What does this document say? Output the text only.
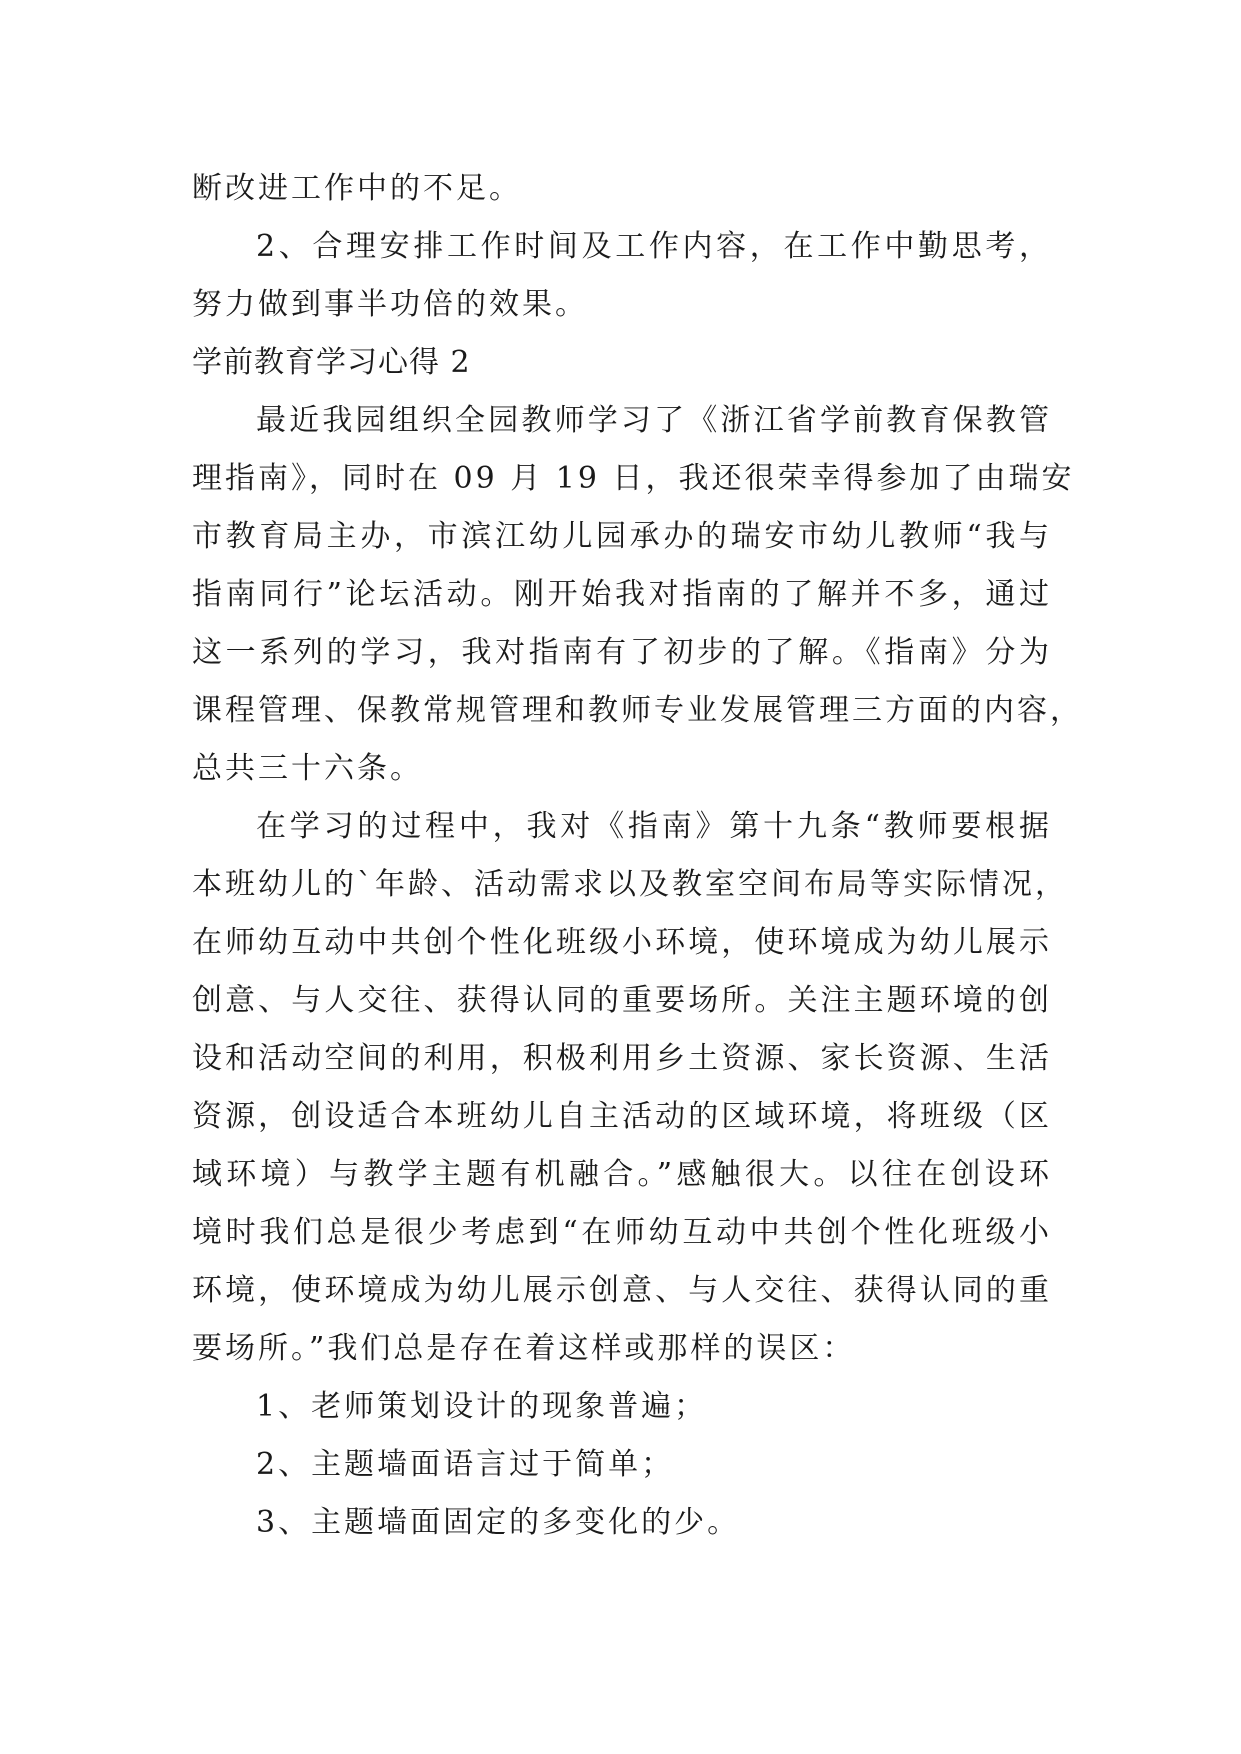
断改进工作中的不足。
2、合理安排工作时间及工作内容，在工作中勤思考，
努力做到事半功倍的效果。
学前教育学习心得 2
最近我园组织全园教师学习了《浙江省学前教育保教管
理指南》，同时在 09 月 19 日，我还很荣幸得参加了由瑞安
市教育局主办，市滨江幼儿园承办的瑞安市幼儿教师“我与
指南同行”论坛活动。刚开始我对指南的了解并不多，通过
这一系列的学习，我对指南有了初步的了解。《指南》分为
课程管理、保教常规管理和教师专业发展管理三方面的内容，
总共三十六条。
在学习的过程中，我对《指南》第十九条“教师要根据
本班幼儿的`年龄、活动需求以及教室空间布局等实际情况，
在师幼互动中共创个性化班级小环境，使环境成为幼儿展示
创意、与人交往、获得认同的重要场所。关注主题环境的创
设和活动空间的利用，积极利用乡土资源、家长资源、生活
资源，创设适合本班幼儿自主活动的区域环境，将班级（区
域环境）与教学主题有机融合。”感触很大。以往在创设环
境时我们总是很少考虑到“在师幼互动中共创个性化班级小
环境，使环境成为幼儿展示创意、与人交往、获得认同的重
要场所。”我们总是存在着这样或那样的误区：
1、老师策划设计的现象普遍；
2、主题墙面语言过于简单；
3、主题墙面固定的多变化的少。
